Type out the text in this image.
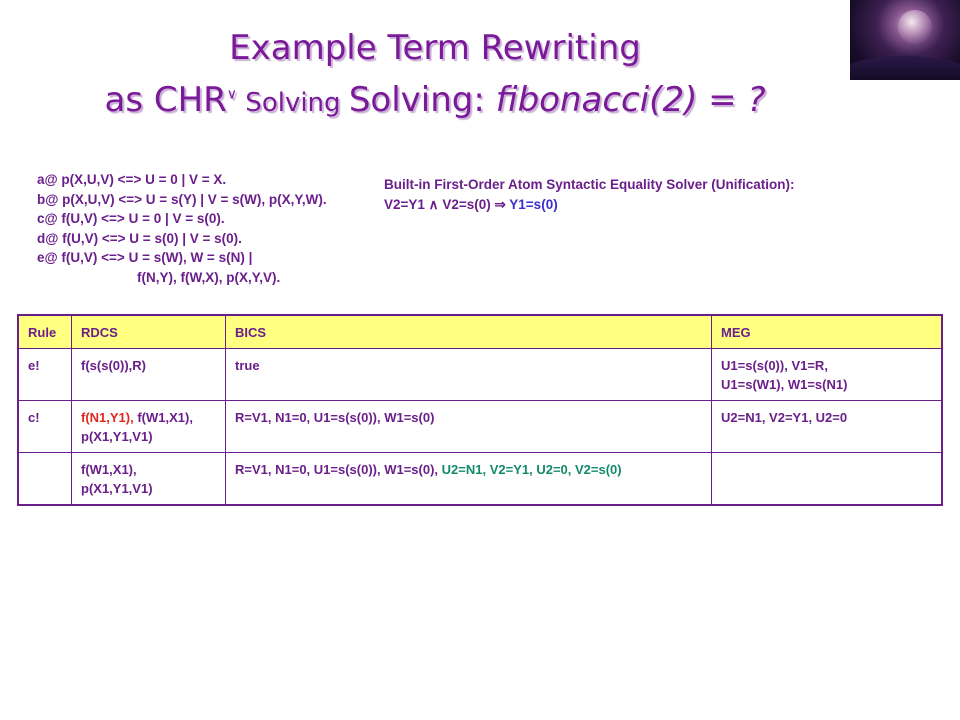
Example Term Rewriting
as CHR∨ Solving Solving: fibonacci(2) = ?
a@ p(X,U,V) <=> U = 0 | V = X.
b@ p(X,U,V) <=> U = s(Y) | V = s(W), p(X,Y,W).
c@ f(U,V) <=> U = 0 | V = s(0).
d@ f(U,V) <=> U = s(0) | V = s(0).
e@ f(U,V) <=> U = s(W), W = s(N) |
f(N,Y), f(W,X), p(X,Y,V).
Built-in First-Order Atom Syntactic Equality Solver (Unification):
V2=Y1 ∧ V2=s(0) ⇒ Y1=s(0)
Rule	RDCS	BICS	MEG
e!	f(s(s(0)),R)	true	U1=s(s(0)), V1=R,
U1=s(W1), W1=s(N1)

c!	f(N1,Y1), f(W1,X1),
p(X1,Y1,V1)	R=V1, N1=0, U1=s(s(0)), W1=s(0)	U2=N1, V2=Y1, U2=0

	f(W1,X1),
p(X1,Y1,V1)	R=V1, N1=0, U1=s(s(0)), W1=s(0), U2=N1, V2=Y1, U2=0, V2=s(0)	
